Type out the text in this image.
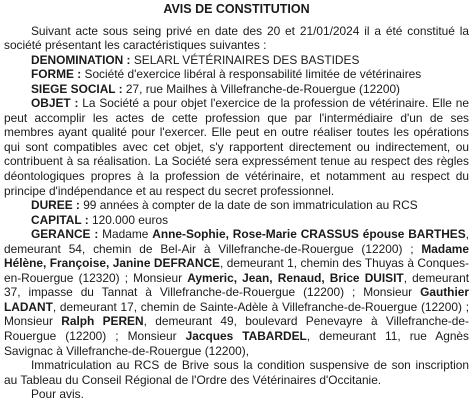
AVIS DE CONSTITUTION

Suivant acte sous seing privé en date des 20 et 21/01/2024 il a été constitué la société présentant les caractéristiques suivantes :

DENOMINATION : SELARL VÉTÉRINAIRES DES BASTIDES

FORME : Société d'exercice libéral à responsabilité limitée de vétérinaires

SIEGE SOCIAL : 27, rue Mailhes à Villefranche-de-Rouergue (12200)

OBJET : La Société a pour objet l'exercice de la profession de vétérinaire. Elle ne peut accomplir les actes de cette profession que par l'intermédiaire d'un de ses membres ayant qualité pour l'exercer. Elle peut en outre réaliser toutes les opérations qui sont compatibles avec cet objet, s'y rapportent directement ou indirectement, ou contribuent à sa réalisation. La Société sera expressément tenue au respect des règles déontologiques propres à la profession de vétérinaire, et notamment au respect du principe d'indépendance et au respect du secret professionnel.

DUREE : 99 années à compter de la date de son immatriculation au RCS

CAPITAL : 120.000 euros

GERANCE : Madame Anne-Sophie, Rose-Marie CRASSUS épouse BARTHES, demeurant 54, chemin de Bel-Air à Villefranche-de-Rouergue (12200) ; Madame Hélène, Françoise, Janine DEFRANCE, demeurant 1, chemin des Thuyas à Conques-en-Rouergue (12320) ; Monsieur Aymeric, Jean, Renaud, Brice DUISIT, demeurant 37, impasse du Tannat à Villefranche-de-Rouergue (12200) ; Monsieur Gauthier LADANT, demeurant 17, chemin de Sainte-Adèle à Villefranche-de-Rouergue (12200) ; Monsieur Ralph PEREN, demeurant 49, boulevard Penevayre à Villefranche-de-Rouergue (12200) ; Monsieur Jacques TABARDEL, demeurant 11, rue Agnès Savignac à Villefranche-de-Rouergue (12200),

Immatriculation au RCS de Brive sous la condition suspensive de son inscription au Tableau du Conseil Régional de l'Ordre des Vétérinaires d'Occitanie.

Pour avis.
